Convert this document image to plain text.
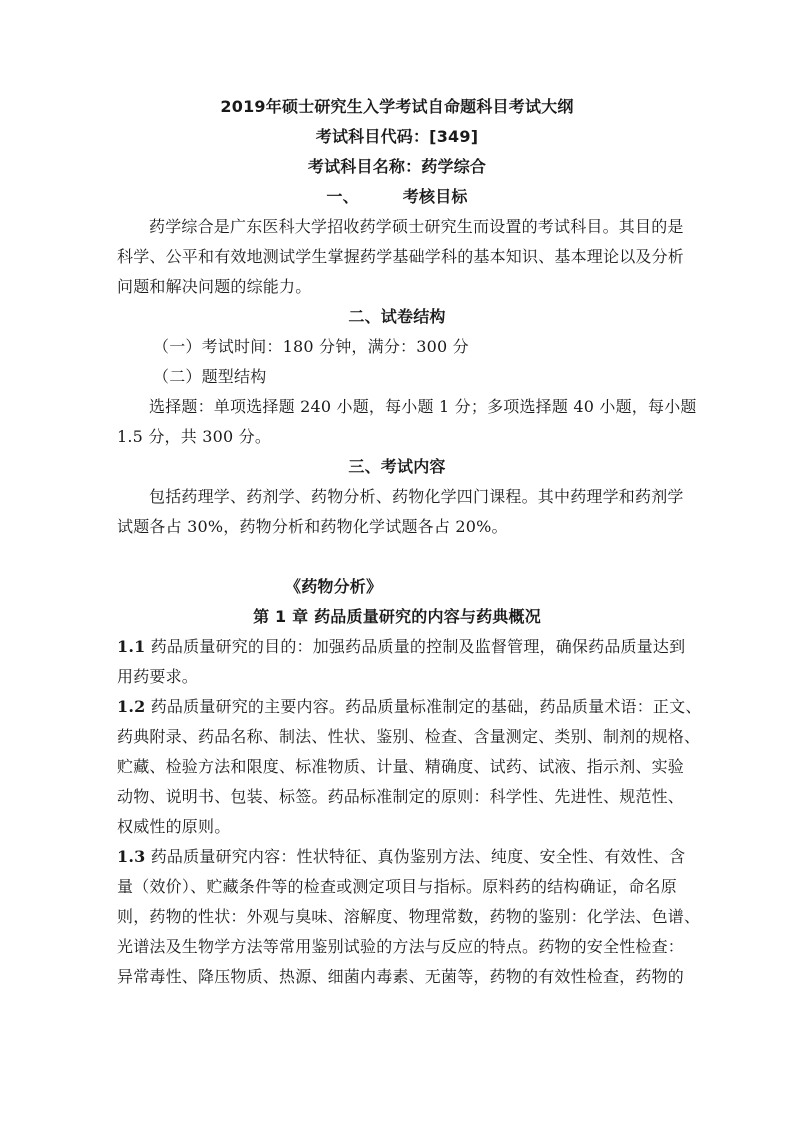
2019年硕士研究生入学考试自命题科目考试大纲
考试科目代码：[349]
考试科目名称：药学综合
一、	考核目标
药学综合是广东医科大学招收药学硕士研究生而设置的考试科目。其目的是
科学、公平和有效地测试学生掌握药学基础学科的基本知识、基本理论以及分析
问题和解决问题的综能力。
二、试卷结构
（一）考试时间：180 分钟，满分：300 分
（二）题型结构
选择题：单项选择题 240 小题，每小题 1 分；多项选择题 40 小题，每小题
1.5 分，共 300 分。
三、考试内容
包括药理学、药剂学、药物分析、药物化学四门课程。其中药理学和药剂学
试题各占 30%，药物分析和药物化学试题各占 20%。
《药物分析》
第 1 章 药品质量研究的内容与药典概况
1.1 药品质量研究的目的：加强药品质量的控制及监督管理，确保药品质量达到
用药要求。
1.2 药品质量研究的主要内容。药品质量标准制定的基础，药品质量术语：正文、
药典附录、药品名称、制法、性状、鉴别、检查、含量测定、类别、制剂的规格、
贮藏、检验方法和限度、标准物质、计量、精确度、试药、试液、指示剂、实验
动物、说明书、包装、标签。药品标准制定的原则：科学性、先进性、规范性、
权威性的原则。
1.3 药品质量研究内容：性状特征、真伪鉴别方法、纯度、安全性、有效性、含
量（效价）、贮藏条件等的检查或测定项目与指标。原料药的结构确证，命名原
则，药物的性状：外观与臭味、溶解度、物理常数，药物的鉴别：化学法、色谱、
光谱法及生物学方法等常用鉴别试验的方法与反应的特点。药物的安全性检查：
异常毒性、降压物质、热源、细菌内毒素、无菌等，药物的有效性检查，药物的
